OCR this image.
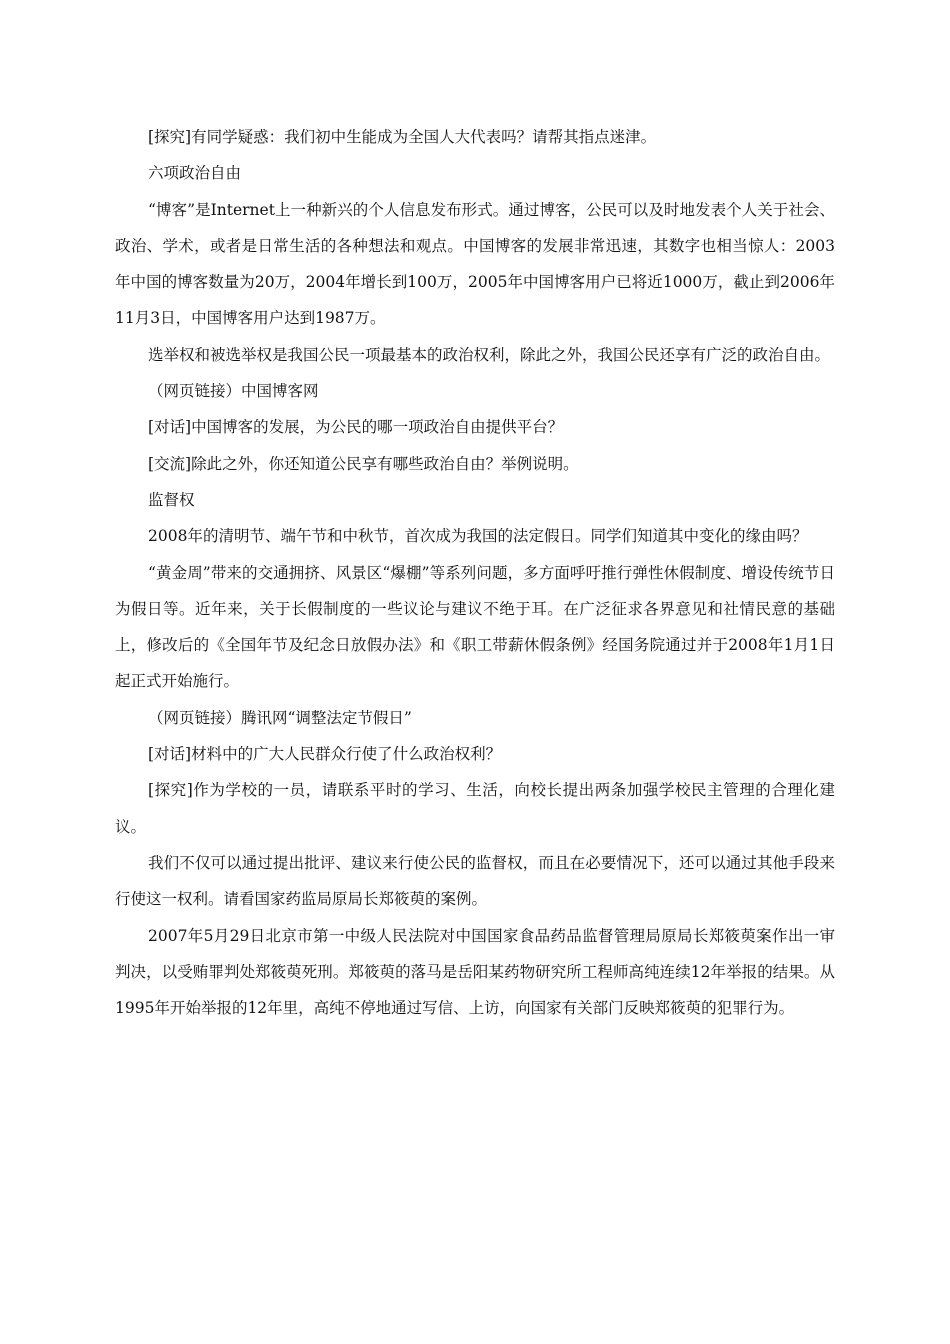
[探究]有同学疑惑：我们初中生能成为全国人大代表吗？请帮其指点迷津。

六项政治自由

“博客”是Internet上一种新兴的个人信息发布形式。通过博客，公民可以及时地发表个人关于社会、政治、学术，或者是日常生活的各种想法和观点。中国博客的发展非常迅速，其数字也相当惊人：2003年中国的博客数量为20万，2004年增长到100万，2005年中国博客用户已将近1000万，截止到2006年11月3日，中国博客用户达到1987万。

选举权和被选举权是我国公民一项最基本的政治权利，除此之外，我国公民还享有广泛的政治自由。

（网页链接）中国博客网

[对话]中国博客的发展，为公民的哪一项政治自由提供平台？

[交流]除此之外，你还知道公民享有哪些政治自由？举例说明。

监督权

2008年的清明节、端午节和中秋节，首次成为我国的法定假日。同学们知道其中变化的缘由吗？

“黄金周”带来的交通拥挤、风景区“爆棚”等系列问题，多方面呼吁推行弹性休假制度、增设传统节日为假日等。近年来，关于长假制度的一些议论与建议不绝于耳。在广泛征求各界意见和社情民意的基础上，修改后的《全国年节及纪念日放假办法》和《职工带薪休假条例》经国务院通过并于2008年1月1日起正式开始施行。

（网页链接）腾讯网“调整法定节假日”

[对话]材料中的广大人民群众行使了什么政治权利？

[探究]作为学校的一员，请联系平时的学习、生活，向校长提出两条加强学校民主管理的合理化建议。

我们不仅可以通过提出批评、建议来行使公民的监督权，而且在必要情况下，还可以通过其他手段来行使这一权利。请看国家药监局原局长郑筱萸的案例。

2007年5月29日北京市第一中级人民法院对中国国家食品药品监督管理局原局长郑筱萸案作出一审判决，以受贿罪判处郑筱萸死刑。郑筱萸的落马是岳阳某药物研究所工程师高纯连续12年举报的结果。从1995年开始举报的12年里，高纯不停地通过写信、上访，向国家有关部门反映郑筱萸的犯罪行为。
